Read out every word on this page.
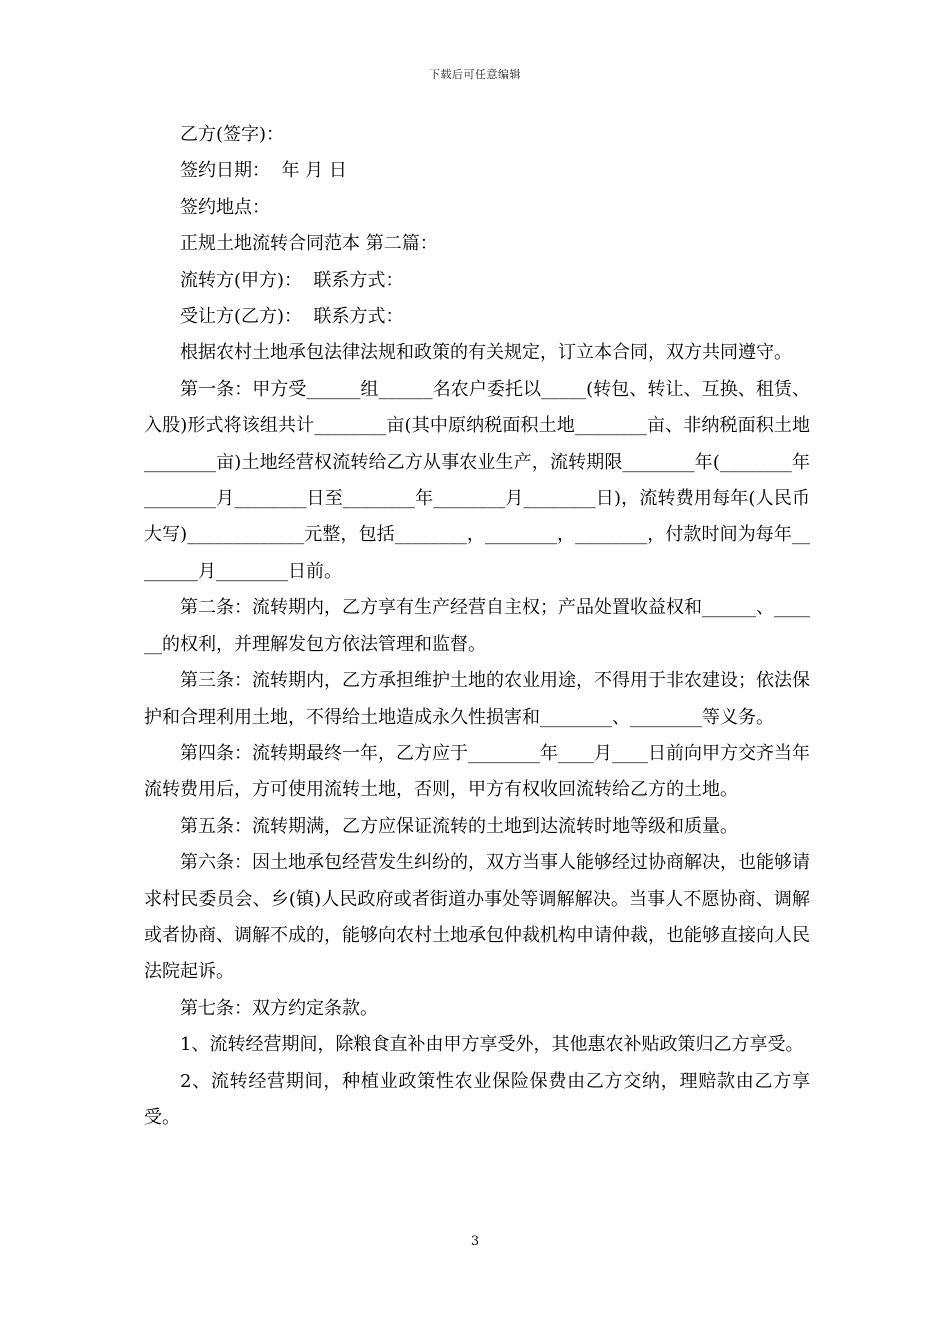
下载后可任意编辑

乙方(签字)：

签约日期：  年 月 日

签约地点：

正规土地流转合同范本 第二篇：

流转方(甲方)：  联系方式：

受让方(乙方)：  联系方式：

根据农村土地承包法律法规和政策的有关规定，订立本合同，双方共同遵守。

第一条：甲方受______组______名农户委托以_____(转包、转让、互换、租赁、入股)形式将该组共计________亩(其中原纳税面积土地________亩、非纳税面积土地________亩)土地经营权流转给乙方从事农业生产，流转期限________年(________年________月________日至________年________月________日)，流转费用每年(人民币大写)_____________元整，包括________，________，________，付款时间为每年________月________日前。

第二条：流转期内，乙方享有生产经营自主权；产品处置收益权和______、______的权利，并理解发包方依法管理和监督。

第三条：流转期内，乙方承担维护土地的农业用途，不得用于非农建设；依法保护和合理利用土地，不得给土地造成永久性损害和________、________等义务。

第四条：流转期最终一年，乙方应于________年____月____日前向甲方交齐当年流转费用后，方可使用流转土地，否则，甲方有权收回流转给乙方的土地。

第五条：流转期满，乙方应保证流转的土地到达流转时地等级和质量。

第六条：因土地承包经营发生纠纷的，双方当事人能够经过协商解决，也能够请求村民委员会、乡(镇)人民政府或者街道办事处等调解解决。当事人不愿协商、调解或者协商、调解不成的，能够向农村土地承包仲裁机构申请仲裁，也能够直接向人民法院起诉。

第七条：双方约定条款。

1、流转经营期间，除粮食直补由甲方享受外，其他惠农补贴政策归乙方享受。

2、流转经营期间，种植业政策性农业保险保费由乙方交纳，理赔款由乙方享受。

3
